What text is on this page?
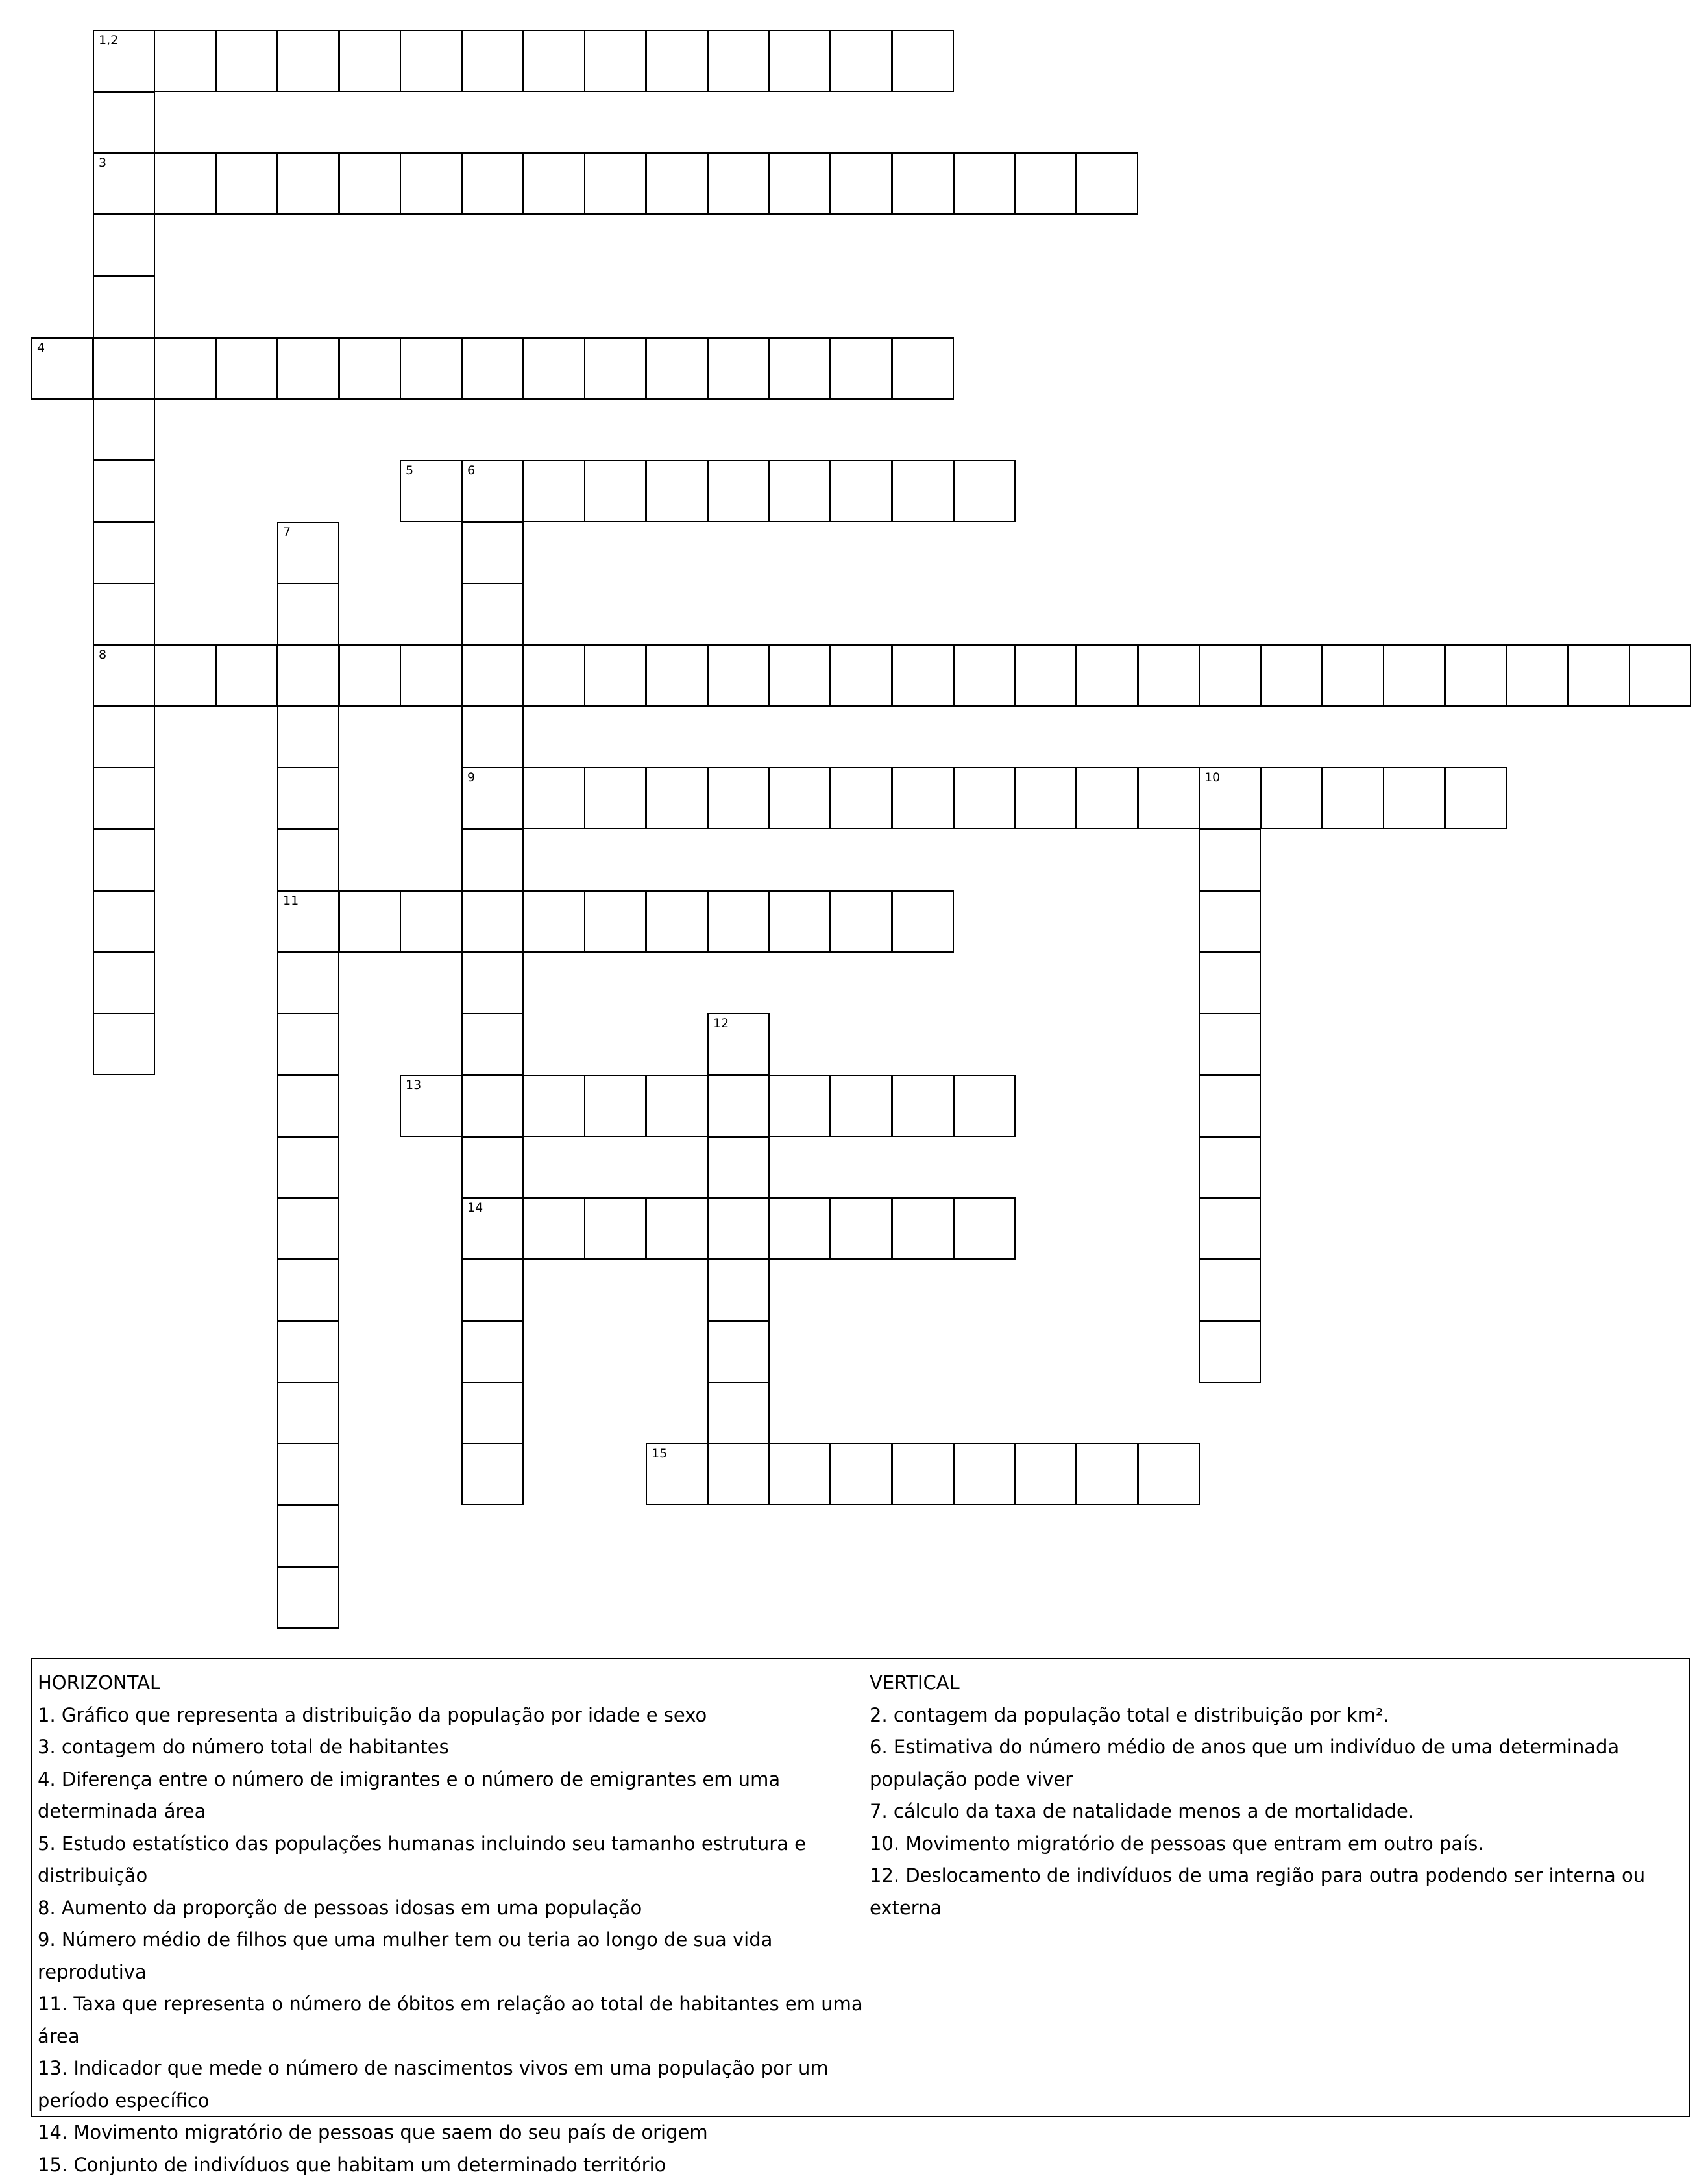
1,2
3
8
4
5	6
9
14
7
11
10
12
13
15
HORIZONTAL
1. Gráfico que representa a distribuição da população por idade e sexo
3. contagem do número total de habitantes
4. Diferença entre o número de imigrantes e o número de emigrantes em uma determinada área
5. Estudo estatístico das populações humanas incluindo seu tamanho estrutura e distribuição
8. Aumento da proporção de pessoas idosas em uma população
9. Número médio de filhos que uma mulher tem ou teria ao longo de sua vida reprodutiva
11. Taxa que representa o número de óbitos em relação ao total de habitantes em uma área
13. Indicador que mede o número de nascimentos vivos em uma população por um período específico
14. Movimento migratório de pessoas que saem do seu país de origem
15. Conjunto de indivíduos que habitam um determinado território
VERTICAL
2. contagem da população total e distribuição por km².
6. Estimativa do número médio de anos que um indivíduo de uma determinada população pode viver
7. cálculo da taxa de natalidade menos a de mortalidade.
10. Movimento migratório de pessoas que entram em outro país.
12. Deslocamento de indivíduos de uma região para outra podendo ser interna ou externa
